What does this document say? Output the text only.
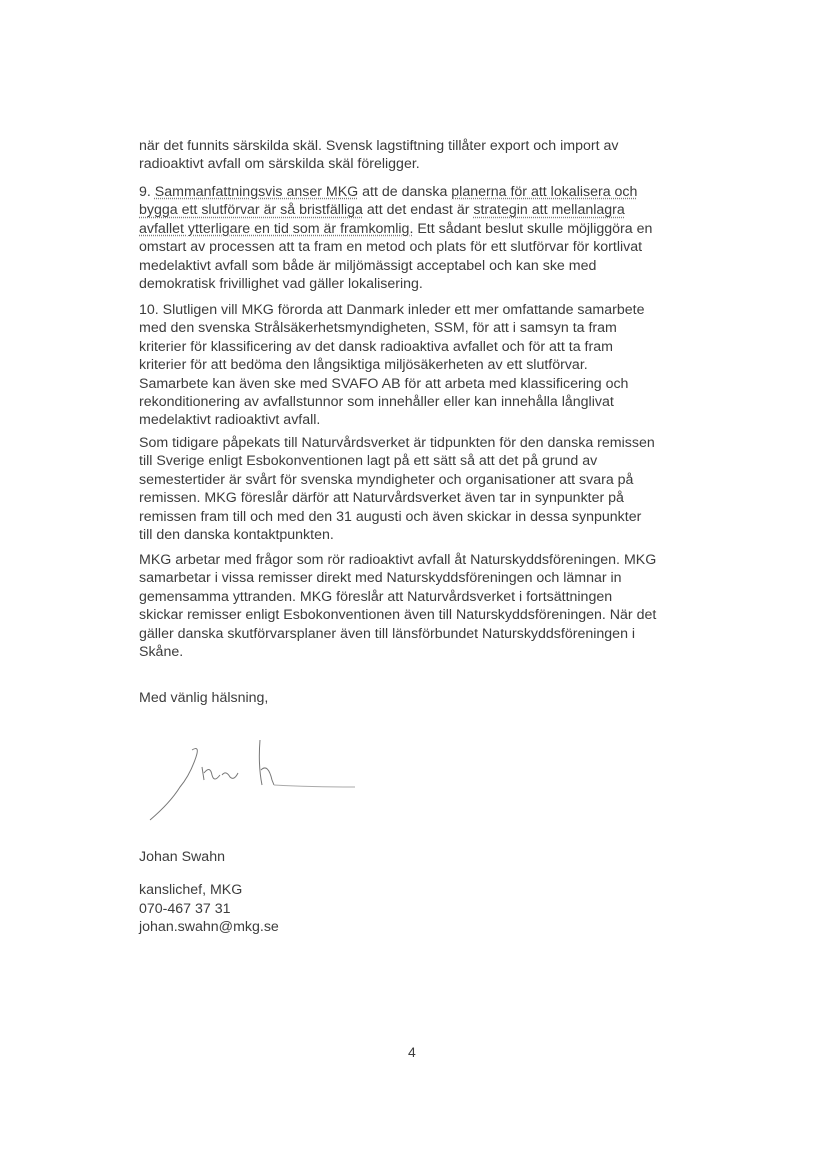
när det funnits särskilda skäl. Svensk lagstiftning tillåter export och import av
radioaktivt avfall om särskilda skäl föreligger.
9. Sammanfattningsvis anser MKG att de danska planerna för att lokalisera och
bygga ett slutförvar är så bristfälliga att det endast är strategin att mellanlagra
avfallet ytterligare en tid som är framkomlig. Ett sådant beslut skulle möjliggöra en
omstart av processen att ta fram en metod och plats för ett slutförvar för kortlivat
medelaktivt avfall som både är miljömässigt acceptabel och kan ske med
demokratisk frivillighet vad gäller lokalisering.
10. Slutligen vill MKG förorda att Danmark inleder ett mer omfattande samarbete
med den svenska Strålsäkerhetsmyndigheten, SSM, för att i samsyn ta fram
kriterier för klassificering av det dansk radioaktiva avfallet och för att ta fram
kriterier för att bedöma den långsiktiga miljösäkerheten av ett slutförvar.
Samarbete kan även ske med SVAFO AB för att arbeta med klassificering och
rekonditionering av avfallstunnor som innehåller eller kan innehålla långlivat
medelaktivt radioaktivt avfall.
Som tidigare påpekats till Naturvårdsverket är tidpunkten för den danska remissen
till Sverige enligt Esbokonventionen lagt på ett sätt så att det på grund av
semestertider är svårt för svenska myndigheter och organisationer att svara på
remissen. MKG föreslår därför att Naturvårdsverket även tar in synpunkter på
remissen fram till och med den 31 augusti och även skickar in dessa synpunkter
till den danska kontaktpunkten.
MKG arbetar med frågor som rör radioaktivt avfall åt Naturskyddsföreningen. MKG
samarbetar i vissa remisser direkt med Naturskyddsföreningen och lämnar in
gemensamma yttranden. MKG föreslår att Naturvårdsverket i fortsättningen
skickar remisser enligt Esbokonventionen även till Naturskyddsföreningen. När det
gäller danska skutförvarsplaner även till länsförbundet Naturskyddsföreningen i
Skåne.
Med vänlig hälsning,
Johan Swahn
kanslichef, MKG
070-467 37 31
johan.swahn@mkg.se
4
